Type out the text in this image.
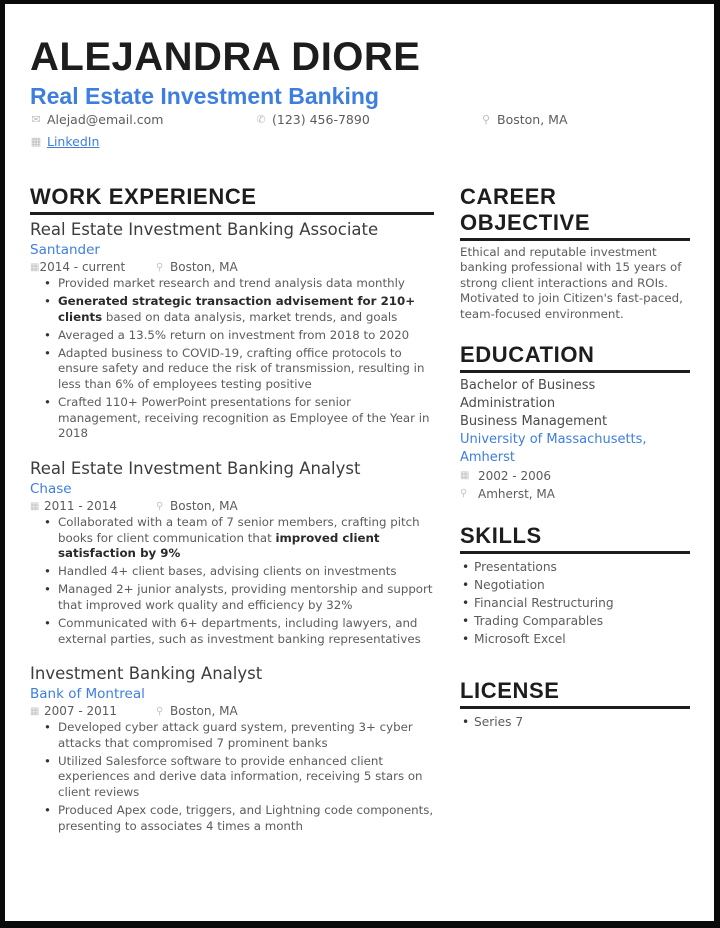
ALEJANDRA DIORE
Real Estate Investment Banking
✉ Alejad@email.com	✆ (123) 456-7890	⚲ Boston, MA
▦ LinkedIn
WORK EXPERIENCE
Real Estate Investment Banking Associate
Santander
▦ 2014 - current	⚲ Boston, MA
• Provided market research and trend analysis data monthly
• Generated strategic transaction advisement for 210+ clients based on data analysis, market trends, and goals
• Averaged a 13.5% return on investment from 2018 to 2020
• Adapted business to COVID-19, crafting office protocols to ensure safety and reduce the risk of transmission, resulting in less than 6% of employees testing positive
• Crafted 110+ PowerPoint presentations for senior management, receiving recognition as Employee of the Year in 2018
Real Estate Investment Banking Analyst
Chase
▦ 2011 - 2014	⚲ Boston, MA
• Collaborated with a team of 7 senior members, crafting pitch books for client communication that improved client satisfaction by 9%
• Handled 4+ client bases, advising clients on investments
• Managed 2+ junior analysts, providing mentorship and support that improved work quality and efficiency by 32%
• Communicated with 6+ departments, including lawyers, and external parties, such as investment banking representatives
Investment Banking Analyst
Bank of Montreal
▦ 2007 - 2011	⚲ Boston, MA
• Developed cyber attack guard system, preventing 3+ cyber attacks that compromised 7 prominent banks
• Utilized Salesforce software to provide enhanced client experiences and derive data information, receiving 5 stars on client reviews
• Produced Apex code, triggers, and Lightning code components, presenting to associates 4 times a month
CAREER
OBJECTIVE
Ethical and reputable investment banking professional with 15 years of strong client interactions and ROIs. Motivated to join Citizen's fast-paced, team-focused environment.
EDUCATION
Bachelor of Business Administration
Business Management
University of Massachusetts, Amherst
▦ 2002 - 2006
⚲ Amherst, MA
SKILLS
• Presentations
• Negotiation
• Financial Restructuring
• Trading Comparables
• Microsoft Excel
LICENSE
• Series 7
